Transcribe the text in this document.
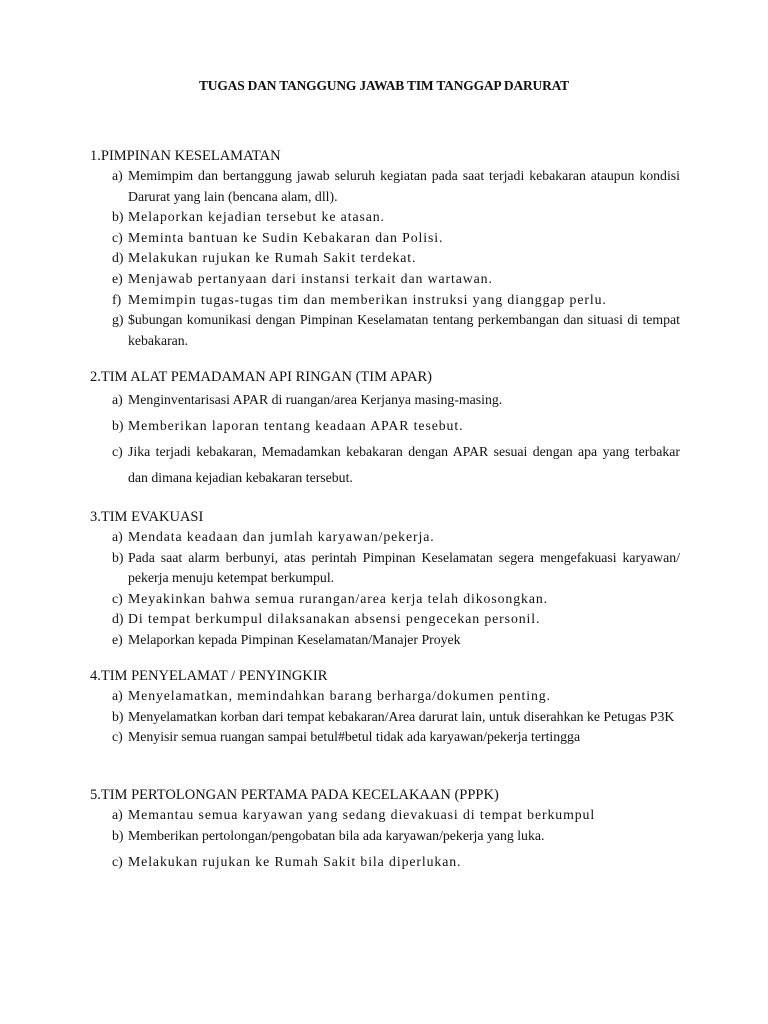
TUGAS DAN TANGGUNG JAWAB TIM TANGGAP DARURAT

1.PIMPINAN KESELAMATAN

a) Memimpim dan bertanggung jawab seluruh kegiatan pada saat terjadi kebakaran ataupun kondisi Darurat yang lain (bencana alam, dll).
b) Melaporkan kejadian tersebut ke atasan.
c) Meminta bantuan ke Sudin Kebakaran dan Polisi.
d) Melakukan rujukan ke Rumah Sakit terdekat.
e) Menjawab pertanyaan dari instansi terkait dan wartawan.
f) Memimpin tugas-tugas tim dan memberikan instruksi yang dianggap perlu.
g) $ubungan komunikasi dengan Pimpinan Keselamatan tentang perkembangan dan situasi di tempat kebakaran.

2.TIM ALAT PEMADAMAN API RINGAN (TIM APAR)

a) Menginventarisasi APAR di ruangan/area Kerjanya masing-masing.
b) Memberikan laporan tentang keadaan APAR tesebut.
c) Jika terjadi kebakaran, Memadamkan kebakaran dengan APAR sesuai dengan apa yang terbakar dan dimana kejadian kebakaran tersebut.

3.TIM EVAKUASI

a) Mendata keadaan dan jumlah karyawan/pekerja.
b) Pada saat alarm berbunyi, atas perintah Pimpinan Keselamatan segera mengefakuasi karyawan/ pekerja menuju ketempat berkumpul.
c) Meyakinkan bahwa semua rurangan/area kerja telah dikosongkan.
d) Di tempat berkumpul dilaksanakan absensi pengecekan personil.
e) Melaporkan kepada Pimpinan Keselamatan/Manajer Proyek

4.TIM PENYELAMAT / PENYINGKIR

a) Menyelamatkan, memindahkan barang berharga/dokumen penting.
b) Menyelamatkan korban dari tempat kebakaran/Area darurat lain, untuk diserahkan ke Petugas P3K
c) Menyisir semua ruangan sampai betul#betul tidak ada karyawan/pekerja tertingga

5.TIM PERTOLONGAN PERTAMA PADA KECELAKAAN (PPPK)

a) Memantau semua karyawan yang sedang dievakuasi di tempat berkumpul
b) Memberikan pertolongan/pengobatan bila ada karyawan/pekerja yang luka.
c) Melakukan rujukan ke Rumah Sakit bila diperlukan.
